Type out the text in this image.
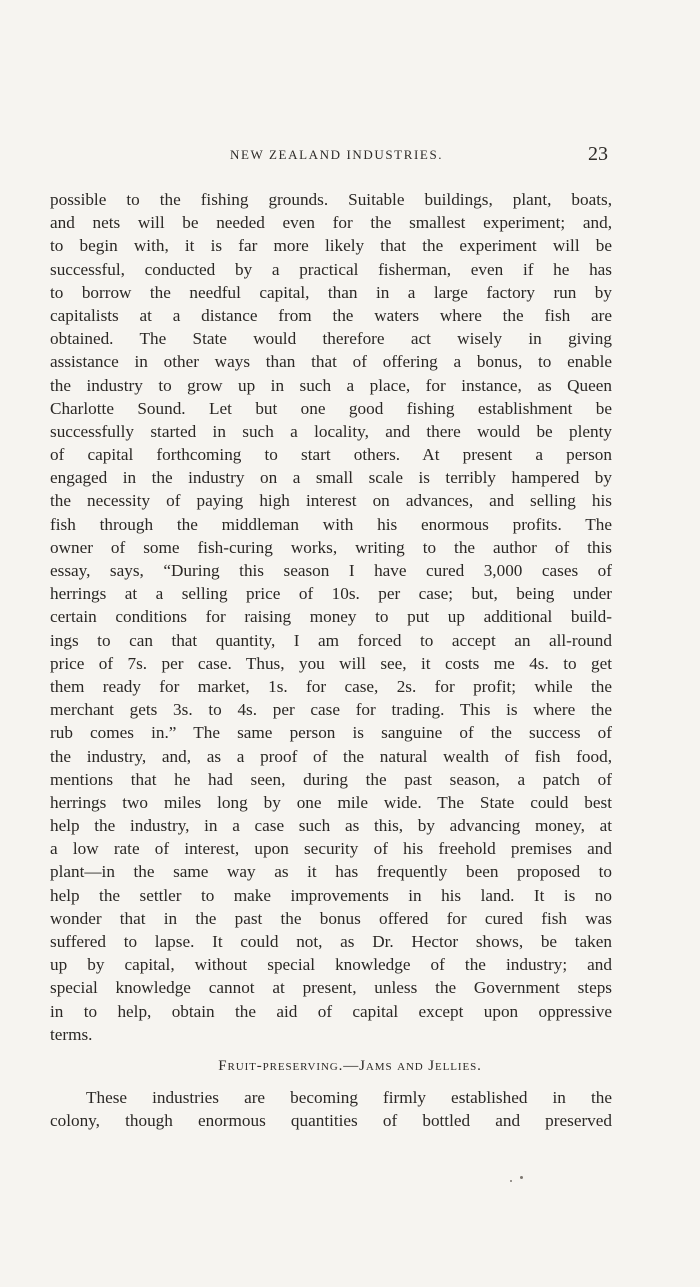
NEW ZEALAND INDUSTRIES.	23
possible to the fishing grounds. Suitable buildings, plant, boats,
and nets will be needed even for the smallest experiment; and,
to begin with, it is far more likely that the experiment will be
successful, conducted by a practical fisherman, even if he has
to borrow the needful capital, than in a large factory run by
capitalists at a distance from the waters where the fish are
obtained. The State would therefore act wisely in giving
assistance in other ways than that of offering a bonus, to enable
the industry to grow up in such a place, for instance, as Queen
Charlotte Sound. Let but one good fishing establishment be
successfully started in such a locality, and there would be plenty
of capital forthcoming to start others. At present a person
engaged in the industry on a small scale is terribly hampered by
the necessity of paying high interest on advances, and selling his
fish through the middleman with his enormous profits. The
owner of some fish-curing works, writing to the author of this
essay, says, “During this season I have cured 3,000 cases of
herrings at a selling price of 10s. per case; but, being under
certain conditions for raising money to put up additional build-
ings to can that quantity, I am forced to accept an all-round
price of 7s. per case. Thus, you will see, it costs me 4s. to get
them ready for market, 1s. for case, 2s. for profit; while the
merchant gets 3s. to 4s. per case for trading. This is where the
rub comes in.” The same person is sanguine of the success of
the industry, and, as a proof of the natural wealth of fish food,
mentions that he had seen, during the past season, a patch of
herrings two miles long by one mile wide. The State could best
help the industry, in a case such as this, by advancing money, at
a low rate of interest, upon security of his freehold premises and
plant—in the same way as it has frequently been proposed to
help the settler to make improvements in his land. It is no
wonder that in the past the bonus offered for cured fish was
suffered to lapse. It could not, as Dr. Hector shows, be taken
up by capital, without special knowledge of the industry; and
special knowledge cannot at present, unless the Government steps
in to help, obtain the aid of capital except upon oppressive
terms.
Fruit-preserving.—Jams and Jellies.
These industries are becoming firmly established in the
colony, though enormous quantities of bottled and preserved
